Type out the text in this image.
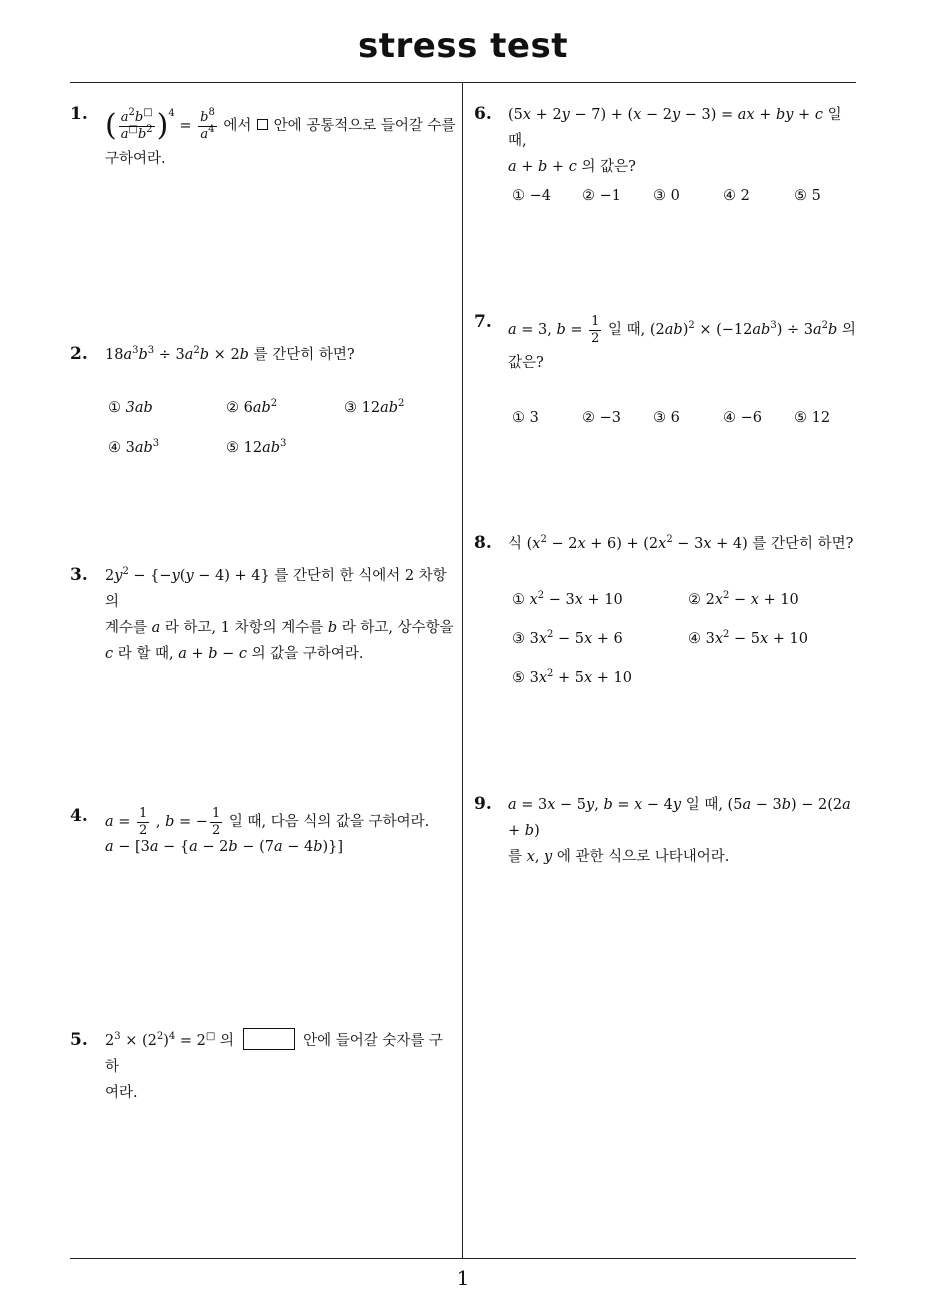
stress test
1
1. ( $\frac{a^2b^□}{a^□b^2} )^4 = \frac{b^8}{a^4}$ 에서 안에 공통적으로 들어갈 수를
구하여라.
2. $18a^3b^3 \div 3a^2b \times 2b$ 를 간단히 하면?
① 3ab	② $6ab^2$	③ $12ab^2$
④ $3ab^3$	⑤ $12ab^3$
3. $2y^2 - \{-y(y - 4) + 4\}$ 를 간단히 한 식에서 2 차항의
계수를 a 라 하고, 1 차항의 계수를 b 라 하고, 상수항을
c 라 할 때, a + b − c 의 값을 구하여라.
4. $a = \frac{1}{2}$ , b = − $\frac{1}{2}$ 일 때, 다음 식의 값을 구하여라.
a − [3a − {a − 2b − (7a − 4b)}]
5. $2^3 \times (2^2)^4 = 2^□$ 의	안에 들어갈 숫자를 구하
여라.
6. (5x + 2y − 7) + (x − 2y − 3) = ax + by + c 일 때,
a + b + c 의 값은?
① −4 ② −1 ③ 0	④ 2	⑤ 5
7. a = 3, $b = \frac{1}{2}$ 일 때, $(2ab)^2 \times (-12ab^3) \div 3a^2b$ 의
값은?
① 3	② −3 ③ 6	④ −6 ⑤ 12
8. 식 $(x^2 - 2x + 6) + (2x^2 - 3x + 4)$ 를 간단히 하면?
① $x^2 - 3x + 10$	② $2x^2 - x + 10$
③ $3x^2 - 5x + 6$	④ $3x^2 - 5x + 10$
⑤ $3x^2 + 5x + 10$
9. a = 3x − 5y, b = x − 4y 일 때, (5a − 3b) − 2(2a + b)
를 x, y 에 관한 식으로 나타내어라.
